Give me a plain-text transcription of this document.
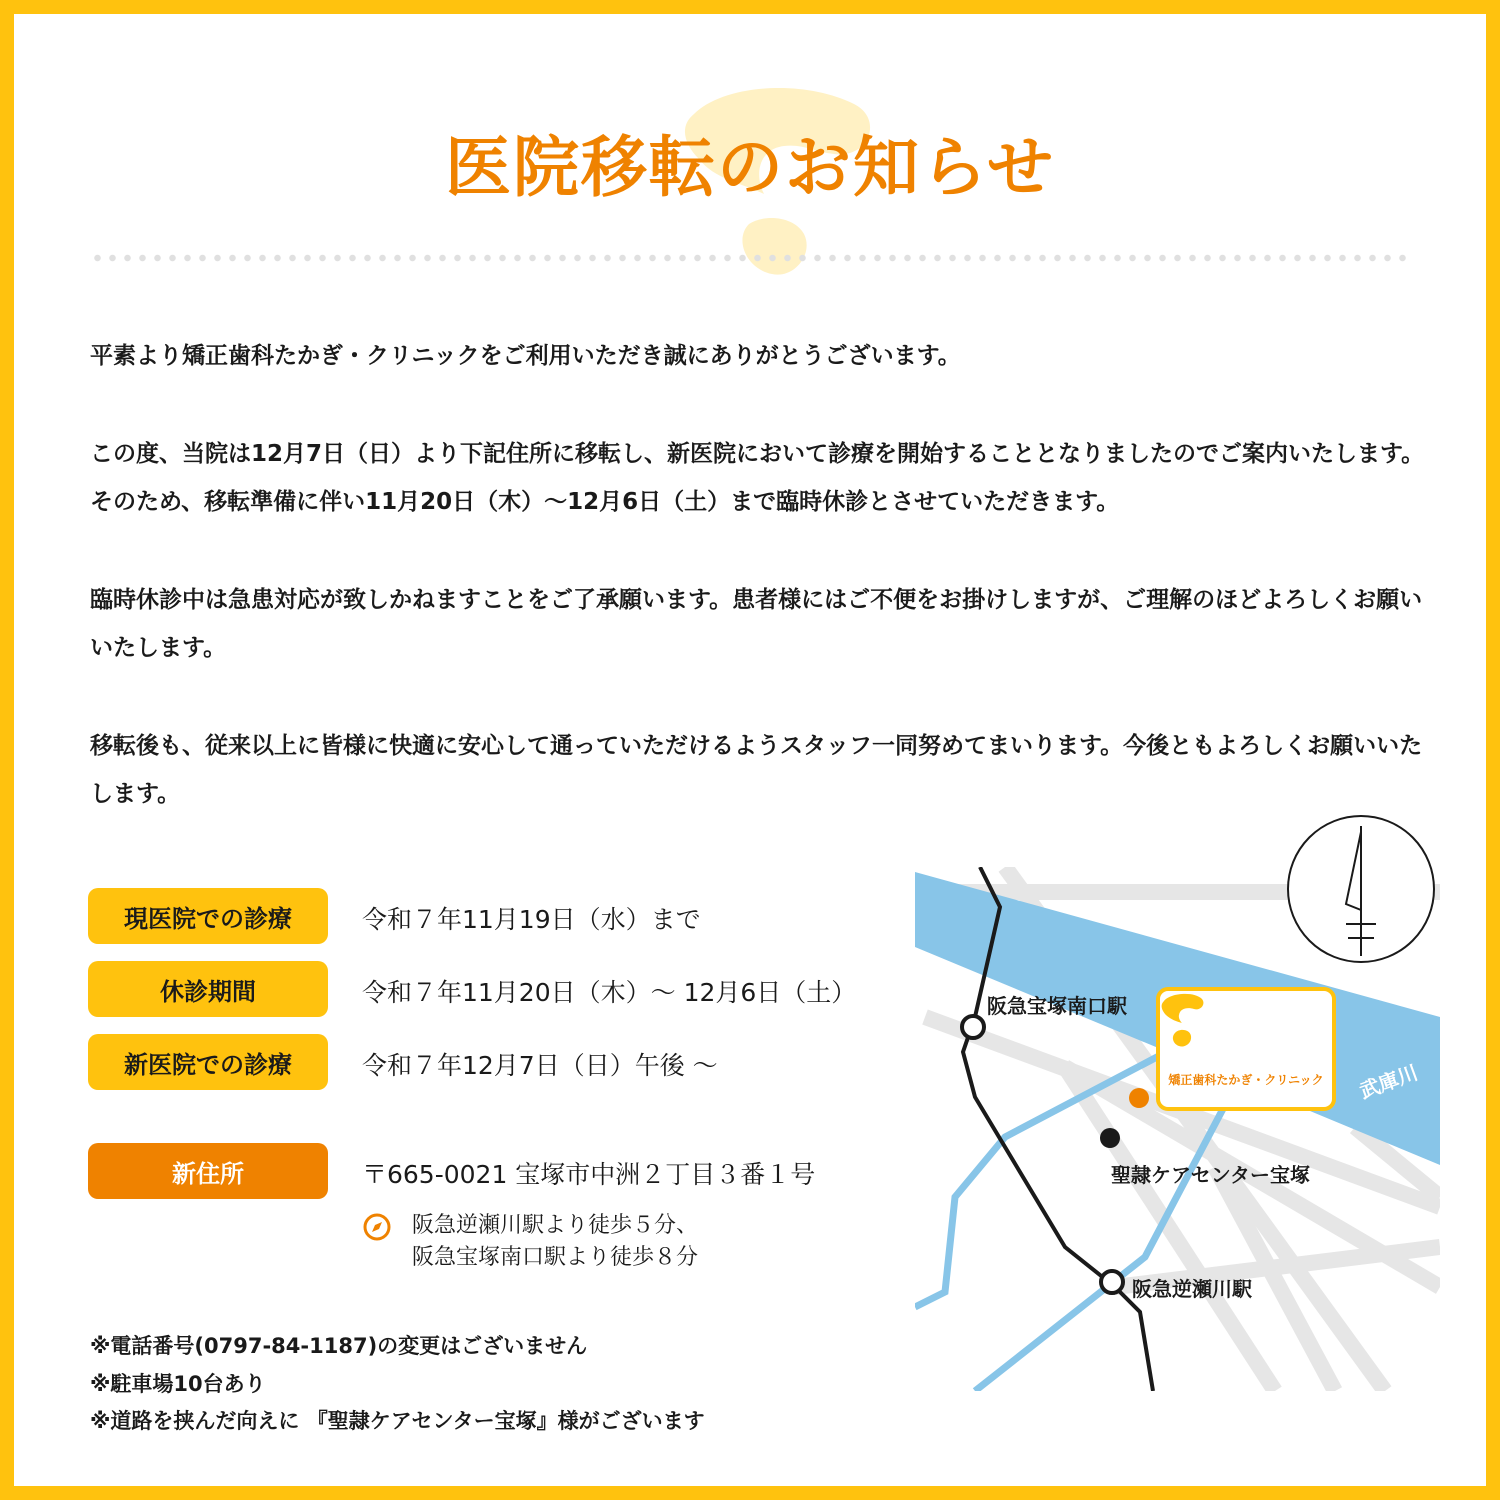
医院移転のお知らせ

平素より矯正歯科たかぎ・クリニックをご利用いただき誠にありがとうございます。

この度、当院は12月7日（日）より下記住所に移転し、新医院において診療を開始することとなりましたのでご案内いたします。そのため、移転準備に伴い11月20日（木）〜12月6日（土）まで臨時休診とさせていただきます。

臨時休診中は急患対応が致しかねますことをご了承願います。患者様にはご不便をお掛けしますが、ご理解のほどよろしくお願いいたします。

移転後も、従来以上に皆様に快適に安心して通っていただけるようスタッフ一同努めてまいります。今後ともよろしくお願いいたします。

現医院での診療	令和７年11月19日（水）まで
休診期間	令和７年11月20日（木）〜 12月6日（土）
新医院での診療	令和７年12月7日（日）午後 〜
新住所	〒665-0021 宝塚市中洲２丁目３番１号
阪急逆瀬川駅より徒歩５分、
阪急宝塚南口駅より徒歩８分
※電話番号(0797-84-1187)の変更はございません
※駐車場10台あり
※道路を挟んだ向えに 『聖隷ケアセンター宝塚』様がございます
阪急宝塚南口駅
阪急逆瀬川駅
聖隷ケアセンター宝塚
武庫川
矯正歯科たかぎ・クリニック
